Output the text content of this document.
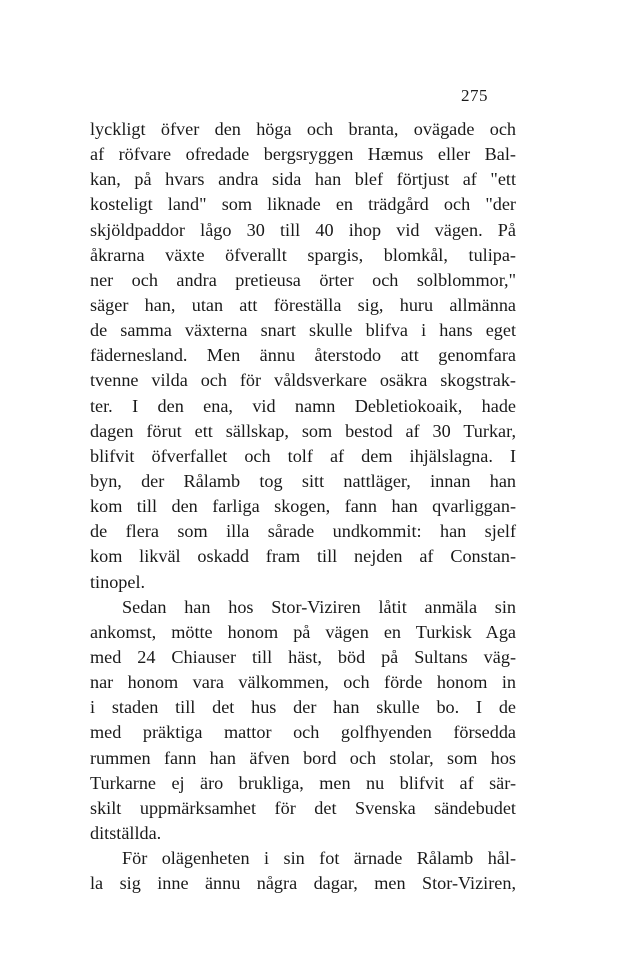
275
lyckligt öfver den höga och branta, ovägade och
af röfvare ofredade bergsryggen Hæmus eller Bal-
kan, på hvars andra sida han blef förtjust af "ett
kosteligt land" som liknade en trädgård och "der
skjöldpaddor lågo 30 till 40 ihop vid vägen. På
åkrarna växte öfverallt spargis, blomkål, tulipa-
ner och andra pretieusa örter och solblommor,"
säger han, utan att föreställa sig, huru allmänna
de samma växterna snart skulle blifva i hans eget
fädernesland. Men ännu återstodo att genomfara
tvenne vilda och för våldsverkare osäkra skogstrak-
ter. I den ena, vid namn Debletiokoaik, hade
dagen förut ett sällskap, som bestod af 30 Turkar,
blifvit öfverfallet och tolf af dem ihjälslagna. I
byn, der Rålamb tog sitt nattläger, innan han
kom till den farliga skogen, fann han qvarliggan-
de flera som illa sårade undkommit: han sjelf
kom likväl oskadd fram till nejden af Constan-
tinopel.
Sedan han hos Stor-Viziren låtit anmäla sin
ankomst, mötte honom på vägen en Turkisk Aga
med 24 Chiauser till häst, böd på Sultans väg-
nar honom vara välkommen, och förde honom in
i staden till det hus der han skulle bo. I de
med präktiga mattor och golfhyenden försedda
rummen fann han äfven bord och stolar, som hos
Turkarne ej äro brukliga, men nu blifvit af sär-
skilt uppmärksamhet för det Svenska sändebudet
ditställda.
För olägenheten i sin fot ärnade Rålamb hål-
la sig inne ännu några dagar, men Stor-Viziren,
